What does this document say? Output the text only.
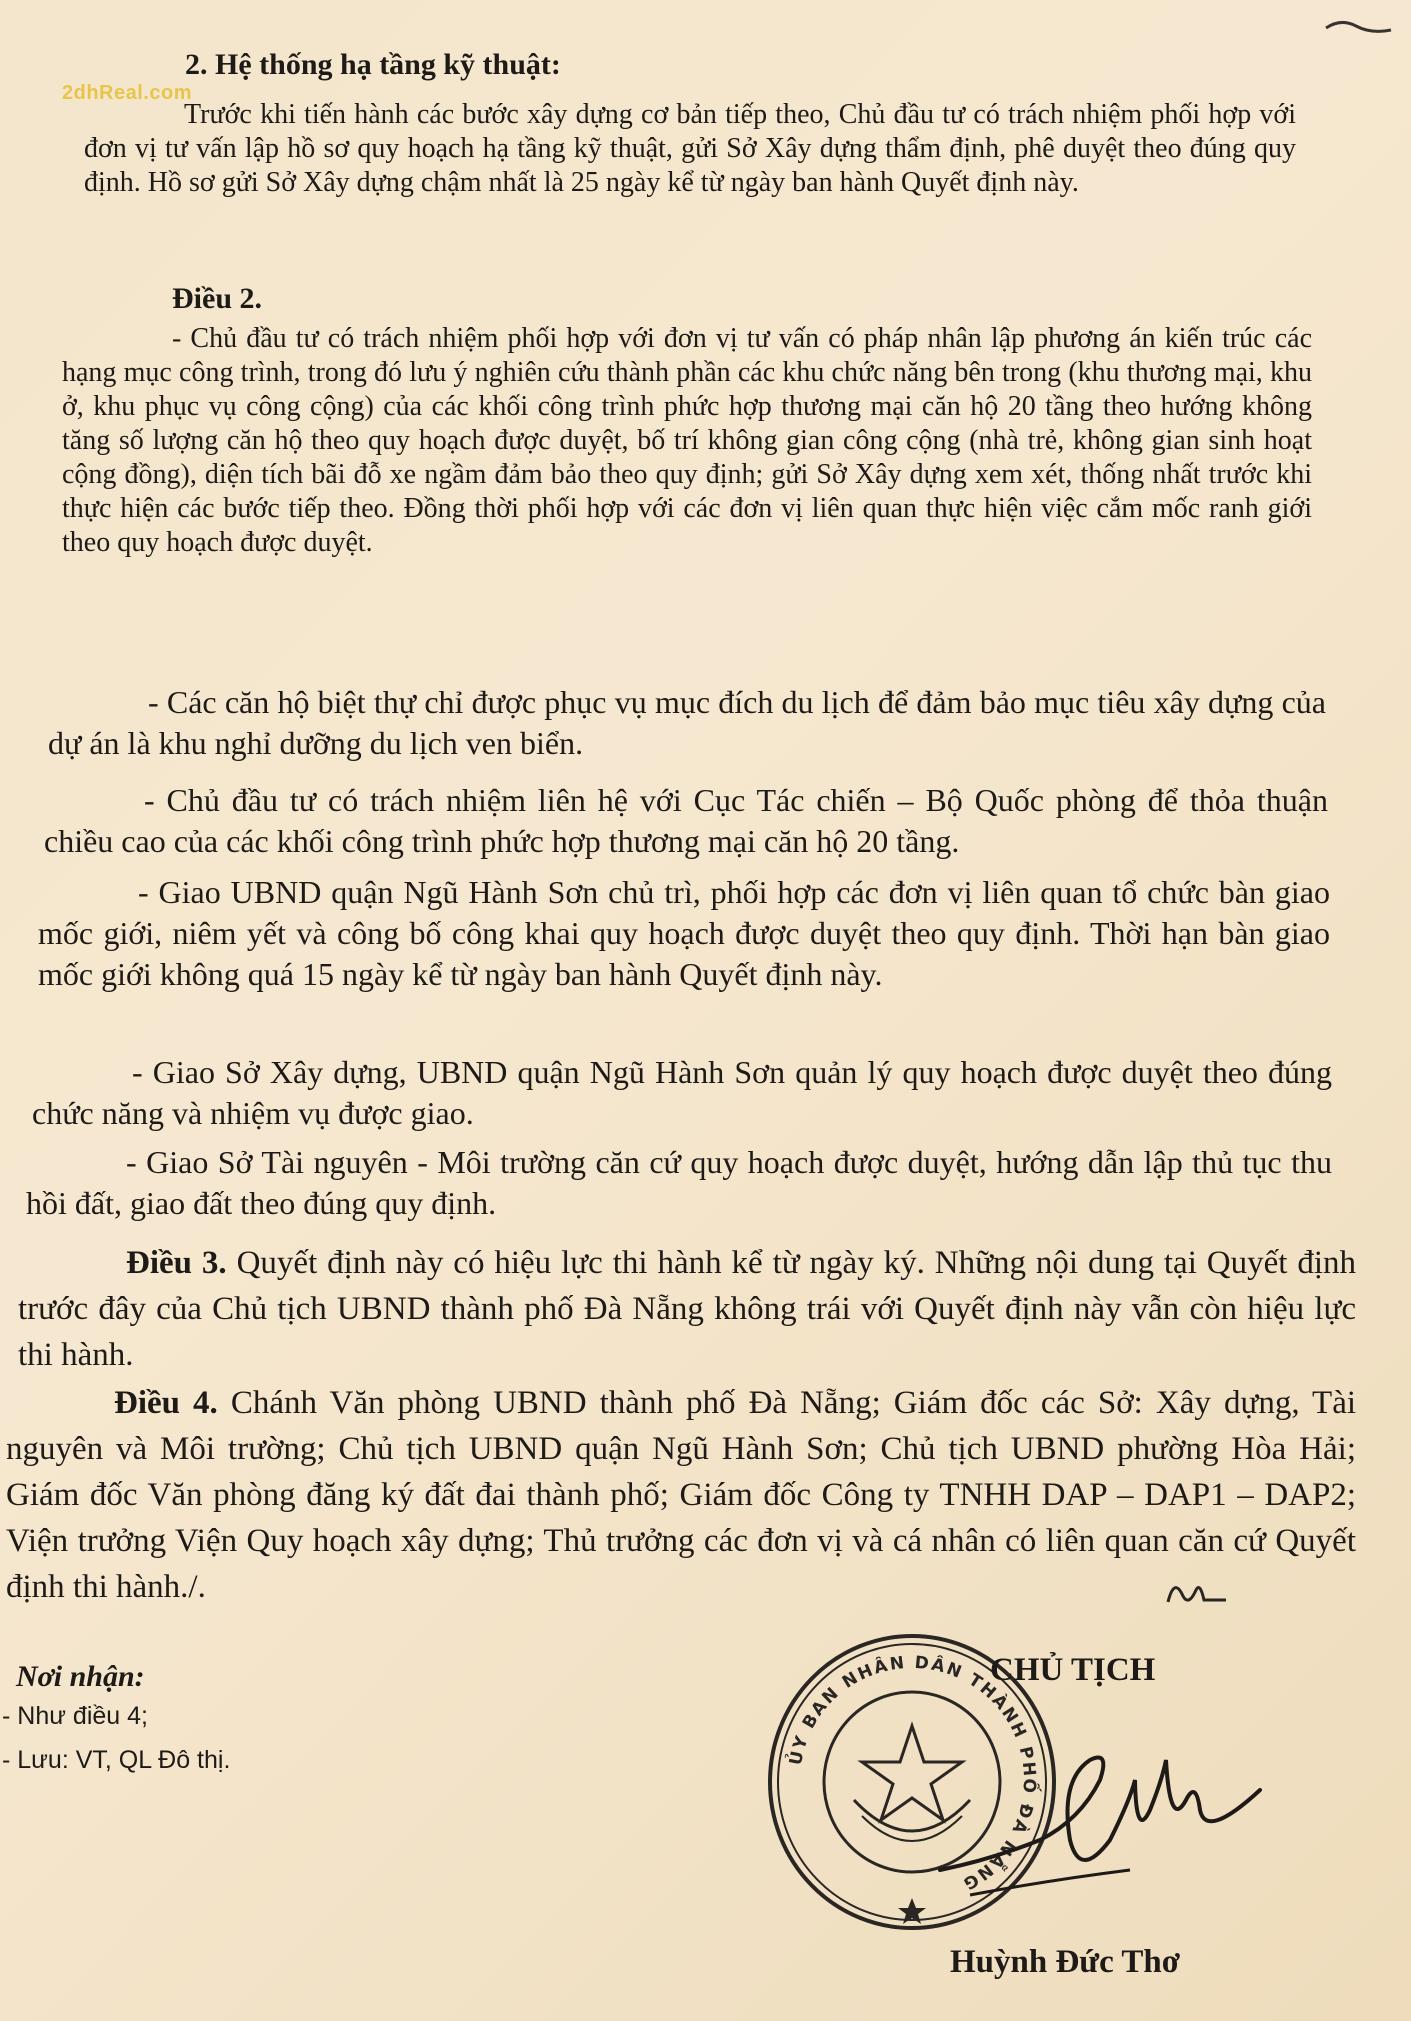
2dhReal.com
2. Hệ thống hạ tầng kỹ thuật:
Trước khi tiến hành các bước xây dựng cơ bản tiếp theo, Chủ đầu tư có trách nhiệm phối hợp với đơn vị tư vấn lập hồ sơ quy hoạch hạ tầng kỹ thuật, gửi Sở Xây dựng thẩm định, phê duyệt theo đúng quy định. Hồ sơ gửi Sở Xây dựng chậm nhất là 25 ngày kể từ ngày ban hành Quyết định này.
Điều 2.
- Chủ đầu tư có trách nhiệm phối hợp với đơn vị tư vấn có pháp nhân lập phương án kiến trúc các hạng mục công trình, trong đó lưu ý nghiên cứu thành phần các khu chức năng bên trong (khu thương mại, khu ở, khu phục vụ công cộng) của các khối công trình phức hợp thương mại căn hộ 20 tầng theo hướng không tăng số lượng căn hộ theo quy hoạch được duyệt, bố trí không gian công cộng (nhà trẻ, không gian sinh hoạt cộng đồng), diện tích bãi đỗ xe ngầm đảm bảo theo quy định; gửi Sở Xây dựng xem xét, thống nhất trước khi thực hiện các bước tiếp theo. Đồng thời phối hợp với các đơn vị liên quan thực hiện việc cắm mốc ranh giới theo quy hoạch được duyệt.
- Các căn hộ biệt thự chỉ được phục vụ mục đích du lịch để đảm bảo mục tiêu xây dựng của dự án là khu nghỉ dưỡng du lịch ven biển.
- Chủ đầu tư có trách nhiệm liên hệ với Cục Tác chiến – Bộ Quốc phòng để thỏa thuận chiều cao của các khối công trình phức hợp thương mại căn hộ 20 tầng.
- Giao UBND quận Ngũ Hành Sơn chủ trì, phối hợp các đơn vị liên quan tổ chức bàn giao mốc giới, niêm yết và công bố công khai quy hoạch được duyệt theo quy định. Thời hạn bàn giao mốc giới không quá 15 ngày kể từ ngày ban hành Quyết định này.
- Giao Sở Xây dựng, UBND quận Ngũ Hành Sơn quản lý quy hoạch được duyệt theo đúng chức năng và nhiệm vụ được giao.
- Giao Sở Tài nguyên - Môi trường căn cứ quy hoạch được duyệt, hướng dẫn lập thủ tục thu hồi đất, giao đất theo đúng quy định.
Điều 3. Quyết định này có hiệu lực thi hành kể từ ngày ký. Những nội dung tại Quyết định trước đây của Chủ tịch UBND thành phố Đà Nẵng không trái với Quyết định này vẫn còn hiệu lực thi hành.
Điều 4. Chánh Văn phòng UBND thành phố Đà Nẵng; Giám đốc các Sở: Xây dựng, Tài nguyên và Môi trường; Chủ tịch UBND quận Ngũ Hành Sơn; Chủ tịch UBND phường Hòa Hải; Giám đốc Văn phòng đăng ký đất đai thành phố; Giám đốc Công ty TNHH DAP – DAP1 – DAP2; Viện trưởng Viện Quy hoạch xây dựng; Thủ trưởng các đơn vị và cá nhân có liên quan căn cứ Quyết định thi hành./.
Nơi nhận:
- Như điều 4;
- Lưu: VT, QL Đô thị.	ỦY BAN NHÂN DÂN THÀNH PHỐ ĐÀ NẴNG
CHỦ TỊCH
Huỳnh Đức Thơ
